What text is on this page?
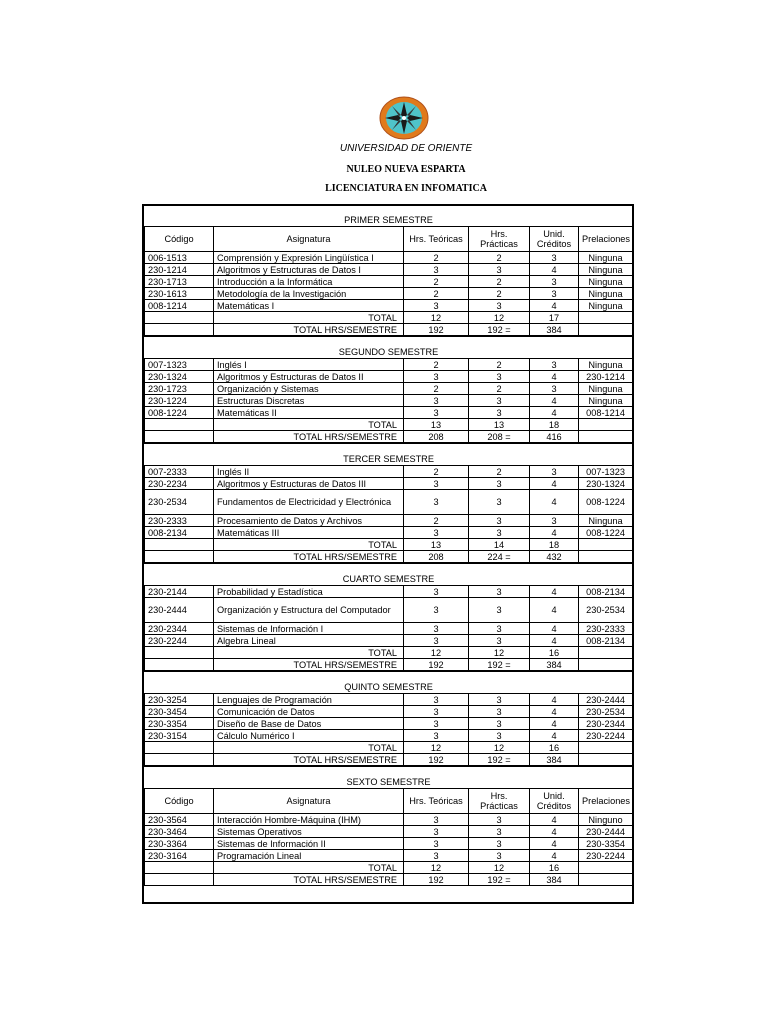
UNIVERSIDAD DE ORIENTE
NULEO NUEVA ESPARTA
LICENCIATURA EN INFOMATICA
PRIMER SEMESTRE					
Código	Asignatura	Hrs. Teóricas	Hrs. Prácticas	Unid. Créditos	Prelaciones
006-1513	Comprensión y Expresión Lingüística I	2	2	3	Ninguna
230-1214	Algoritmos y Estructuras de Datos I	3	3	4	Ninguna
230-1713	Introducción a la Informática	2	2	3	Ninguna
230-1613	Metodología de la Investigación	2	2	3	Ninguna
008-1214	Matemáticas I	3	3	4	Ninguna
	TOTAL	12	12	17	
	TOTAL HRS/SEMESTRE	192	192 =	384	
SEGUNDO SEMESTRE					
007-1323	Inglés I	2	2	3	Ninguna
230-1324	Algoritmos y Estructuras de Datos II	3	3	4	230-1214
230-1723	Organización y Sistemas	2	2	3	Ninguna
230-1224	Estructuras Discretas	3	3	4	Ninguna
008-1224	Matemáticas II	3	3	4	008-1214
	TOTAL	13	13	18	
	TOTAL HRS/SEMESTRE	208	208 =	416	
TERCER SEMESTRE					
007-2333	Inglés II	2	2	3	007-1323
230-2234	Algoritmos y Estructuras de Datos III	3	3	4	230-1324
230-2534	Fundamentos de Electricidad y Electrónica	3	3	4	008-1224
230-2333	Procesamiento de Datos y Archivos	2	3	3	Ninguna
008-2134	Matemáticas III	3	3	4	008-1224
	TOTAL	13	14	18	
	TOTAL HRS/SEMESTRE	208	224 =	432	
CUARTO SEMESTRE					
230-2144	Probabilidad y Estadística	3	3	4	008-2134
230-2444	Organización y Estructura del Computador	3	3	4	230-2534
230-2344	Sistemas de Información I	3	3	4	230-2333
230-2244	Algebra Lineal	3	3	4	008-2134
	TOTAL	12	12	16	
	TOTAL HRS/SEMESTRE	192	192 =	384	
QUINTO SEMESTRE					
230-3254	Lenguajes de Programación	3	3	4	230-2444
230-3454	Comunicación de Datos	3	3	4	230-2534
230-3354	Diseño de Base de Datos	3	3	4	230-2344
230-3154	Cálculo Numérico I	3	3	4	230-2244
	TOTAL	12	12	16	
	TOTAL HRS/SEMESTRE	192	192 =	384	
SEXTO SEMESTRE					
Código	Asignatura	Hrs. Teóricas	Hrs. Prácticas	Unid. Créditos	Prelaciones
230-3564	Interacción Hombre-Máquina (IHM)	3	3	4	Ninguno
230-3464	Sistemas Operativos	3	3	4	230-2444
230-3364	Sistemas de Información II	3	3	4	230-3354
230-3164	Programación Lineal	3	3	4	230-2244
	TOTAL	12	12	16	
	TOTAL HRS/SEMESTRE	192	192 =	384	
